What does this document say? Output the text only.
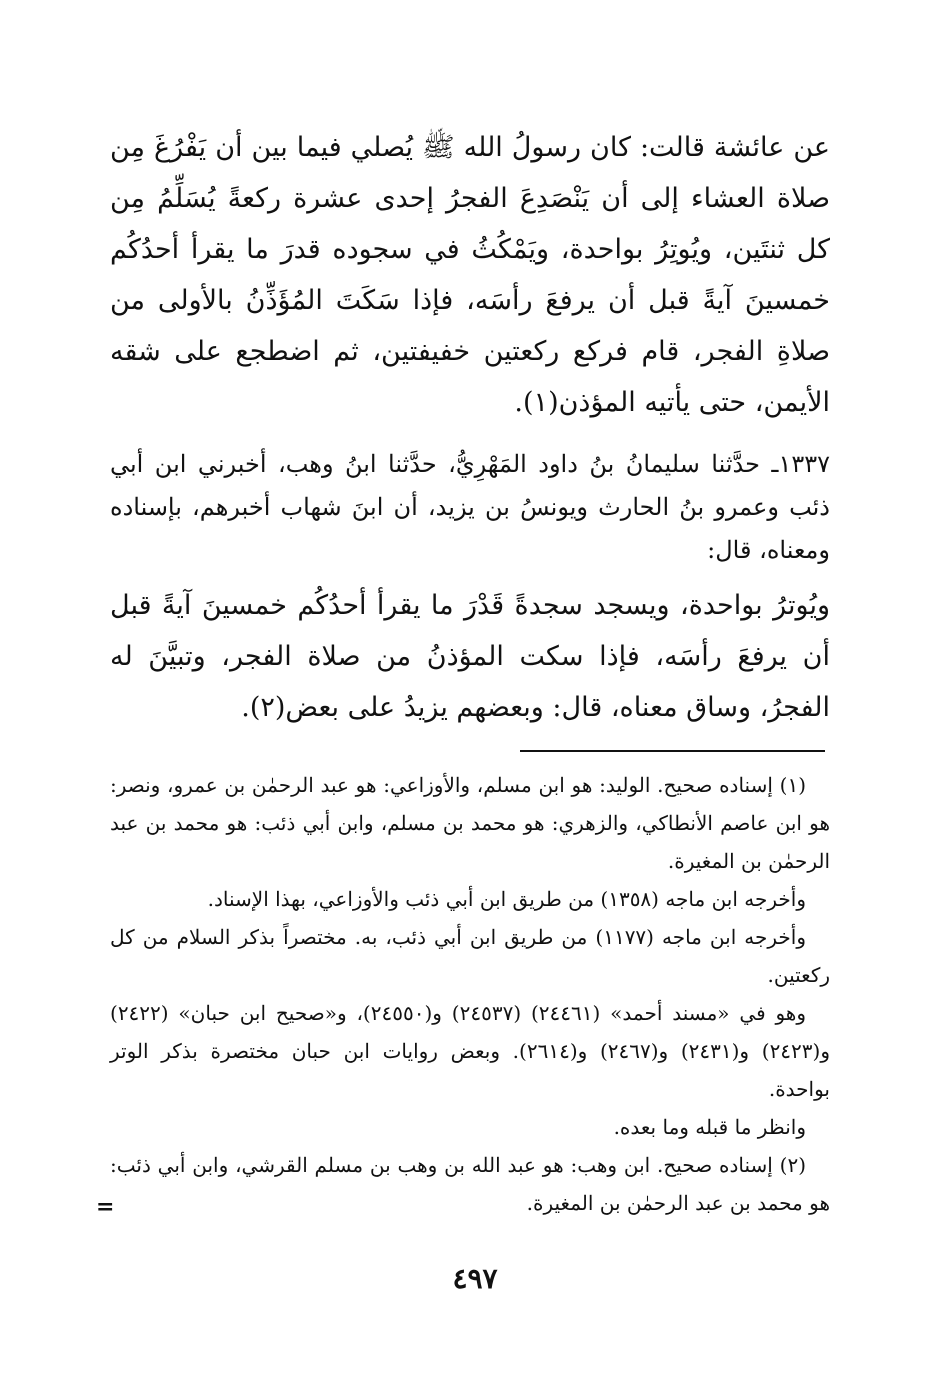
عن عائشة قالت: كان رسولُ الله ﷺ يُصلي فيما بين أن يَفْرُغَ مِن صلاة العشاء إلى أن يَنْصَدِعَ الفجرُ إحدى عشرة ركعةً يُسَلِّمُ مِن كل ثنتَين، ويُوتِرُ بواحدة، ويَمْكُثُ في سجوده قدرَ ما يقرأ أحدُكُم خمسينَ آيةً قبل أن يرفعَ رأسَه، فإذا سَكَتَ المُؤَذِّنُ بالأولى من صلاةِ الفجر، قام فركع ركعتين خفيفتين، ثم اضطجع على شقه الأيمن، حتى يأتيه المؤذن(١).

١٣٣٧ـ حدَّثنا سليمانُ بنُ داود المَهْرِيُّ، حدَّثنا ابنُ وهب، أخبرني ابن أبي ذئب وعمرو بنُ الحارث ويونسُ بن يزيد، أن ابنَ شهاب أخبرهم، بإسناده ومعناه، قال:

ويُوترُ بواحدة، ويسجد سجدةً قَدْرَ ما يقرأ أحدُكُم خمسينَ آيةً قبل أن يرفعَ رأسَه، فإذا سكت المؤذنُ من صلاة الفجر، وتبيَّنَ له الفجرُ، وساق معناه، قال: وبعضهم يزيدُ على بعض(٢).

(١) إسناده صحيح. الوليد: هو ابن مسلم، والأوزاعي: هو عبد الرحمٰن بن عمرو، ونصر: هو ابن عاصم الأنطاكي، والزهري: هو محمد بن مسلم، وابن أبي ذئب: هو محمد بن عبد الرحمٰن بن المغيرة.

وأخرجه ابن ماجه (١٣٥٨) من طريق ابن أبي ذئب والأوزاعي، بهذا الإسناد.

وأخرجه ابن ماجه (١١٧٧) من طريق ابن أبي ذئب، به. مختصراً بذكر السلام من كل ركعتين.

وهو في «مسند أحمد» (٢٤٤٦١) (٢٤٥٣٧) و(٢٤٥٥٠)، و«صحيح ابن حبان» (٢٤٢٢) و(٢٤٢٣) و(٢٤٣١) و(٢٤٦٧) و(٢٦١٤). وبعض روايات ابن حبان مختصرة بذكر الوتر بواحدة.

وانظر ما قبله وما بعده.

(٢) إسناده صحيح. ابن وهب: هو عبد الله بن وهب بن مسلم القرشي، وابن أبي ذئب: هو محمد بن عبد الرحمٰن بن المغيرة.

=
٤٩٧
